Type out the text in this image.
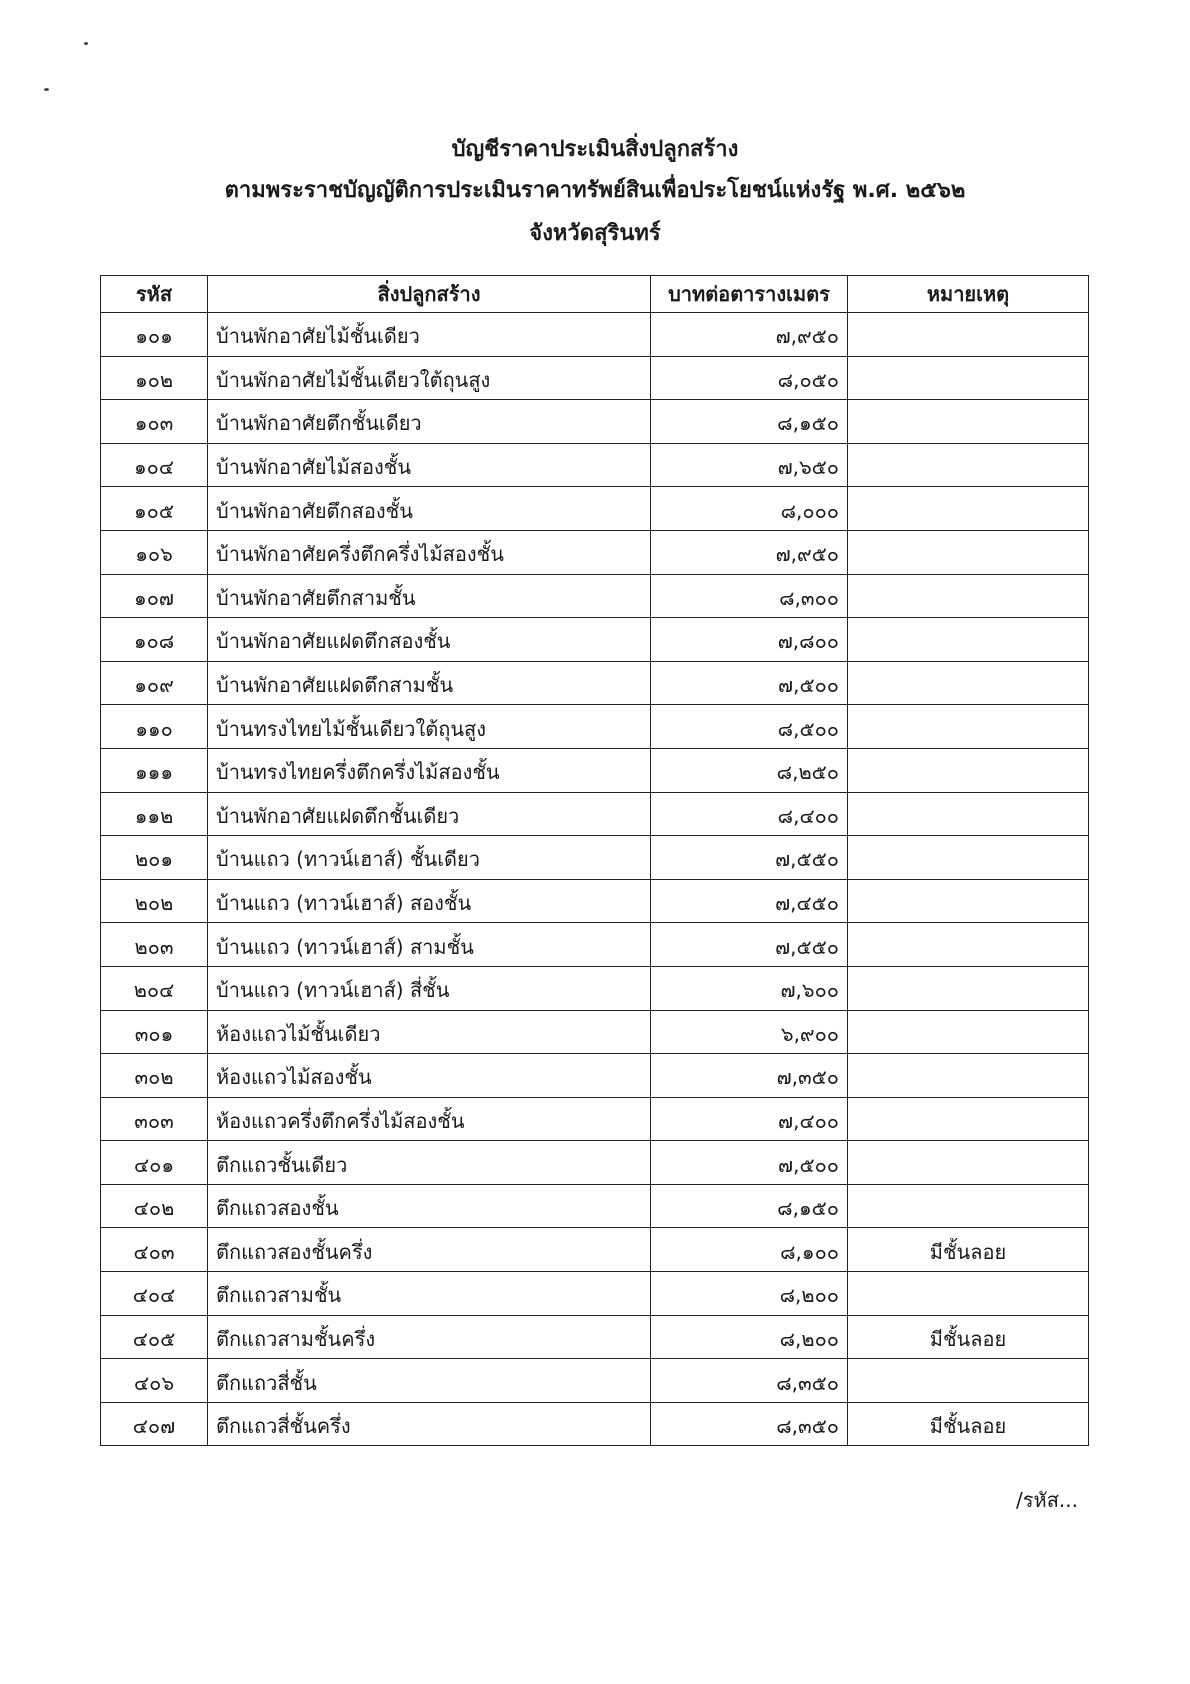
บัญชีราคาประเมินสิ่งปลูกสร้าง
ตามพระราชบัญญัติการประเมินราคาทรัพย์สินเพื่อประโยชน์แห่งรัฐ พ.ศ. ๒๕๖๒
จังหวัดสุรินทร์
รหัส	สิ่งปลูกสร้าง	บาทต่อตารางเมตร	หมายเหตุ
๑๐๑	บ้านพักอาศัยไม้ชั้นเดียว	๗,๙๕๐	
๑๐๒	บ้านพักอาศัยไม้ชั้นเดียวใต้ถุนสูง	๘,๐๕๐	
๑๐๓	บ้านพักอาศัยตึกชั้นเดียว	๘,๑๕๐	
๑๐๔	บ้านพักอาศัยไม้สองชั้น	๗,๖๕๐	
๑๐๕	บ้านพักอาศัยตึกสองชั้น	๘,๐๐๐	
๑๐๖	บ้านพักอาศัยครึ่งตึกครึ่งไม้สองชั้น	๗,๙๕๐	
๑๐๗	บ้านพักอาศัยตึกสามชั้น	๘,๓๐๐	
๑๐๘	บ้านพักอาศัยแฝดตึกสองชั้น	๗,๘๐๐	
๑๐๙	บ้านพักอาศัยแฝดตึกสามชั้น	๗,๕๐๐	
๑๑๐	บ้านทรงไทยไม้ชั้นเดียวใต้ถุนสูง	๘,๕๐๐	
๑๑๑	บ้านทรงไทยครึ่งตึกครึ่งไม้สองชั้น	๘,๒๕๐	
๑๑๒	บ้านพักอาศัยแฝดตึกชั้นเดียว	๘,๔๐๐	
๒๐๑	บ้านแถว (ทาวน์เฮาส์) ชั้นเดียว	๗,๕๕๐	
๒๐๒	บ้านแถว (ทาวน์เฮาส์) สองชั้น	๗,๔๕๐	
๒๐๓	บ้านแถว (ทาวน์เฮาส์) สามชั้น	๗,๕๕๐	
๒๐๔	บ้านแถว (ทาวน์เฮาส์) สี่ชั้น	๗,๖๐๐	
๓๐๑	ห้องแถวไม้ชั้นเดียว	๖,๙๐๐	
๓๐๒	ห้องแถวไม้สองชั้น	๗,๓๕๐	
๓๐๓	ห้องแถวครึ่งตึกครึ่งไม้สองชั้น	๗,๔๐๐	
๔๐๑	ตึกแถวชั้นเดียว	๗,๕๐๐	
๔๐๒	ตึกแถวสองชั้น	๘,๑๕๐	
๔๐๓	ตึกแถวสองชั้นครึ่ง	๘,๑๐๐	มีชั้นลอย
๔๐๔	ตึกแถวสามชั้น	๘,๒๐๐	
๔๐๕	ตึกแถวสามชั้นครึ่ง	๘,๒๐๐	มีชั้นลอย
๔๐๖	ตึกแถวสี่ชั้น	๘,๓๕๐	
๔๐๗	ตึกแถวสี่ชั้นครึ่ง	๘,๓๕๐	มีชั้นลอย
/รหัส...
